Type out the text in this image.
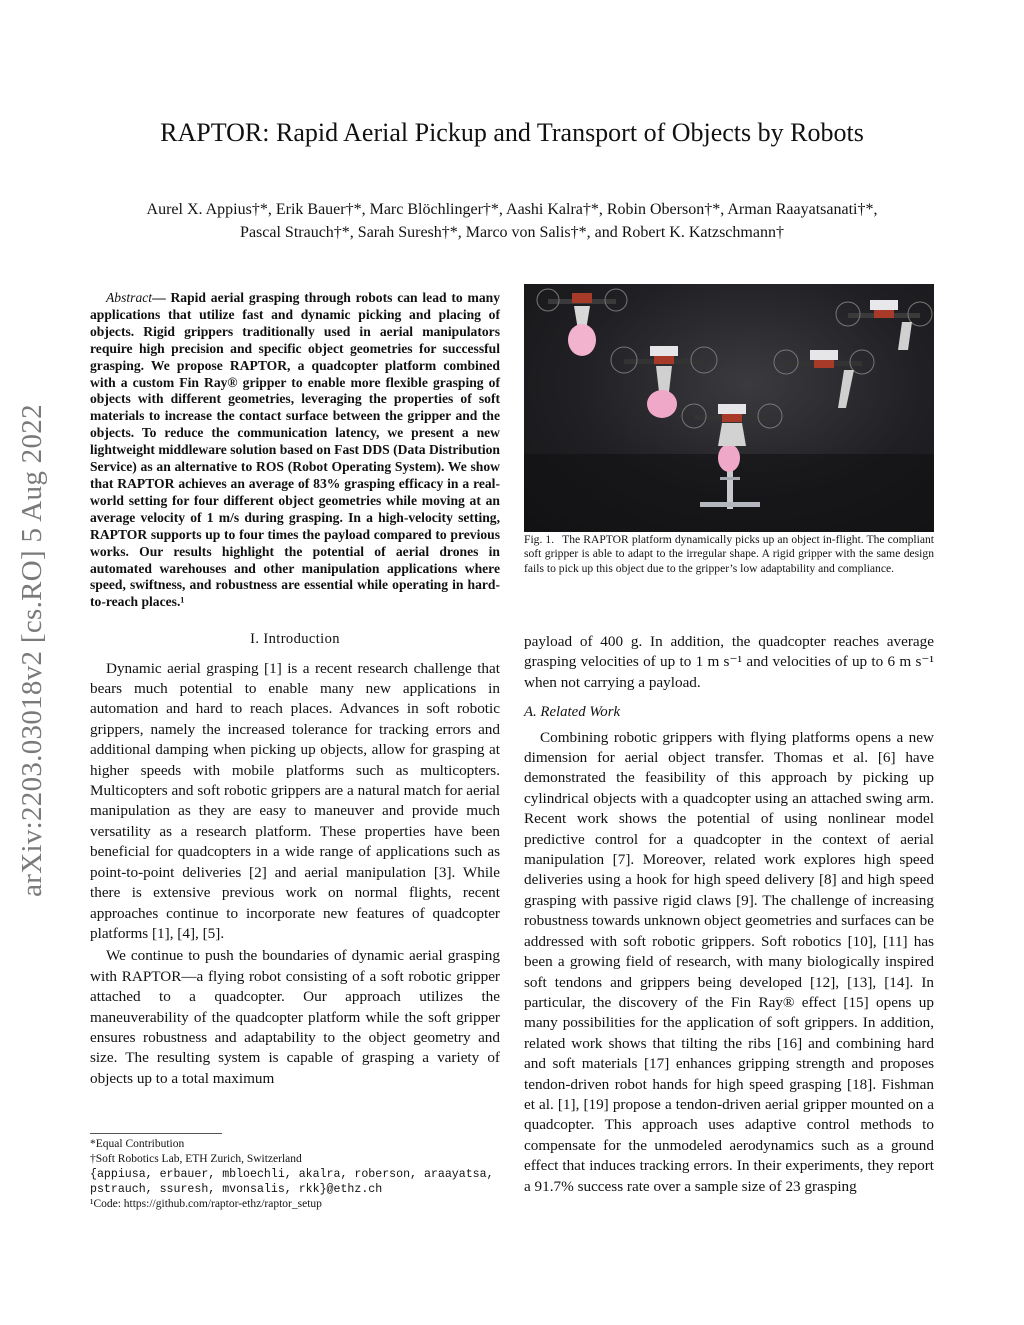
arXiv:2203.03018v2 [cs.RO] 5 Aug 2022
RAPTOR: Rapid Aerial Pickup and Transport of Objects by Robots
Aurel X. Appius†*, Erik Bauer†*, Marc Blöchlinger†*, Aashi Kalra†*, Robin Oberson†*, Arman Raayatsanati†*,
Pascal Strauch†*, Sarah Suresh†*, Marco von Salis†*, and Robert K. Katzschmann†

Abstract— Rapid aerial grasping through robots can lead to many applications that utilize fast and dynamic picking and placing of objects. Rigid grippers traditionally used in aerial manipulators require high precision and specific object geometries for successful grasping. We propose RAPTOR, a quadcopter platform combined with a custom Fin Ray® gripper to enable more flexible grasping of objects with different geometries, leveraging the properties of soft materials to increase the contact surface between the gripper and the objects. To reduce the communication latency, we present a new lightweight middleware solution based on Fast DDS (Data Distribution Service) as an alternative to ROS (Robot Operating System). We show that RAPTOR achieves an average of 83% grasping efficacy in a real-world setting for four different object geometries while moving at an average velocity of 1 m/s during grasping. In a high-velocity setting, RAPTOR supports up to four times the payload compared to previous works. Our results highlight the potential of aerial drones in automated warehouses and other manipulation applications where speed, swiftness, and robustness are essential while operating in hard-to-reach places.¹

I. Introduction

Dynamic aerial grasping [1] is a recent research challenge that bears much potential to enable many new applications in automation and hard to reach places. Advances in soft robotic grippers, namely the increased tolerance for tracking errors and additional damping when picking up objects, allow for grasping at higher speeds with mobile platforms such as multicopters. Multicopters and soft robotic grippers are a natural match for aerial manipulation as they are easy to maneuver and provide much versatility as a research platform. These properties have been beneficial for quadcopters in a wide range of applications such as point-to-point deliveries [2] and aerial manipulation [3]. While there is extensive previous work on normal flights, recent approaches continue to incorporate new features of quadcopter platforms [1], [4], [5].

We continue to push the boundaries of dynamic aerial grasping with RAPTOR—a flying robot consisting of a soft robotic gripper attached to a quadcopter. Our approach utilizes the maneuverability of the quadcopter platform while the soft gripper ensures robustness and adaptability to the object geometry and size. The resulting system is capable of grasping a variety of objects up to a total maximum

*Equal Contribution
†Soft Robotics Lab, ETH Zurich, Switzerland
{appiusa, erbauer, mbloechli, akalra, roberson, araayatsa, pstrauch, ssuresh, mvonsalis, rkk}@ethz.ch
¹Code: https://github.com/raptor-ethz/raptor_setup
Fig. 1. The RAPTOR platform dynamically picks up an object in-flight. The compliant soft gripper is able to adapt to the irregular shape. A rigid gripper with the same design fails to pick up this object due to the gripper’s low adaptability and compliance.

payload of 400 g. In addition, the quadcopter reaches average grasping velocities of up to 1 m s⁻¹ and velocities of up to 6 m s⁻¹ when not carrying a payload.

A. Related Work

Combining robotic grippers with flying platforms opens a new dimension for aerial object transfer. Thomas et al. [6] have demonstrated the feasibility of this approach by picking up cylindrical objects with a quadcopter using an attached swing arm. Recent work shows the potential of using nonlinear model predictive control for a quadcopter in the context of aerial manipulation [7]. Moreover, related work explores high speed deliveries using a hook for high speed delivery [8] and high speed grasping with passive rigid claws [9]. The challenge of increasing robustness towards unknown object geometries and surfaces can be addressed with soft robotic grippers. Soft robotics [10], [11] has been a growing field of research, with many biologically inspired soft tendons and grippers being developed [12], [13], [14]. In particular, the discovery of the Fin Ray® effect [15] opens up many possibilities for the application of soft grippers. In addition, related work shows that tilting the ribs [16] and combining hard and soft materials [17] enhances gripping strength and proposes tendon-driven robot hands for high speed grasping [18]. Fishman et al. [1], [19] propose a tendon-driven aerial gripper mounted on a quadcopter. This approach uses adaptive control methods to compensate for the unmodeled aerodynamics such as a ground effect that induces tracking errors. In their experiments, they report a 91.7% success rate over a sample size of 23 grasping
